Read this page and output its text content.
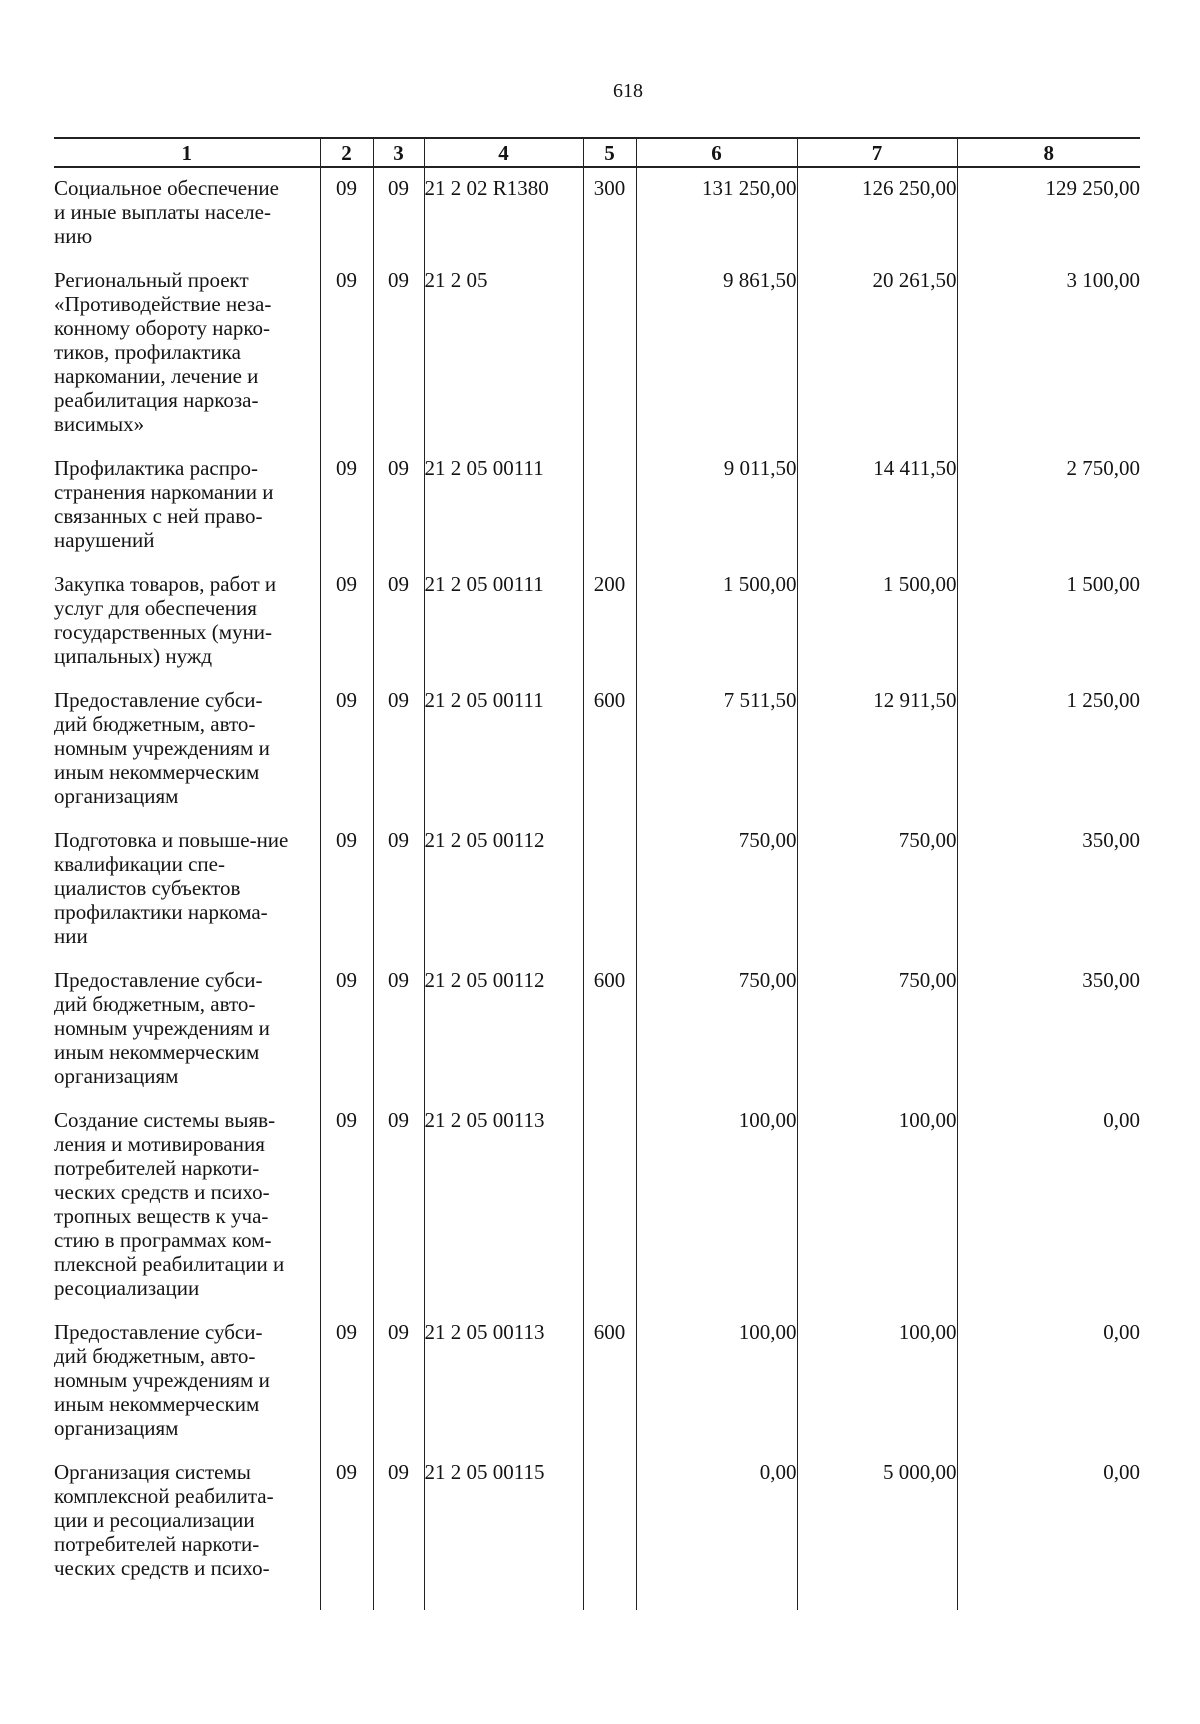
618
1	2	3	4	5	6	7	8

Социальное обеспечение и иные выплаты населе-нию	09	09	21 2 02 R1380	300	131 250,00	126 250,00	129 250,00

Региональный проект «Противодействие неза-конному обороту нарко-тиков, профилактика наркомании, лечение и реабилитация наркоза-висимых»	09	09	21 2 05		9 861,50	20 261,50	3 100,00

Профилактика распро-странения наркомании и связанных с ней право-нарушений	09	09	21 2 05 00111		9 011,50	14 411,50	2 750,00

Закупка товаров, работ и услуг для обеспечения государственных (муни-ципальных) нужд	09	09	21 2 05 00111	200	1 500,00	1 500,00	1 500,00

Предоставление субси-дий бюджетным, авто-номным учреждениям и иным некоммерческим организациям	09	09	21 2 05 00111	600	7 511,50	12 911,50	1 250,00

Подготовка и повыше-ние квалификации спе-циалистов субъектов профилактики наркома-нии	09	09	21 2 05 00112		750,00	750,00	350,00

Предоставление субси-дий бюджетным, авто-номным учреждениям и иным некоммерческим организациям	09	09	21 2 05 00112	600	750,00	750,00	350,00

Создание системы выяв-ления и мотивирования потребителей наркоти-ческих средств и психо-тропных веществ к уча-стию в программах ком-плексной реабилитации и ресоциализации	09	09	21 2 05 00113		100,00	100,00	0,00

Предоставление субси-дий бюджетным, авто-номным учреждениям и иным некоммерческим организациям	09	09	21 2 05 00113	600	100,00	100,00	0,00

Организация системы комплексной реабилита-ции и ресоциализации потребителей наркоти-ческих средств и психо-	09	09	21 2 05 00115		0,00	5 000,00	0,00
